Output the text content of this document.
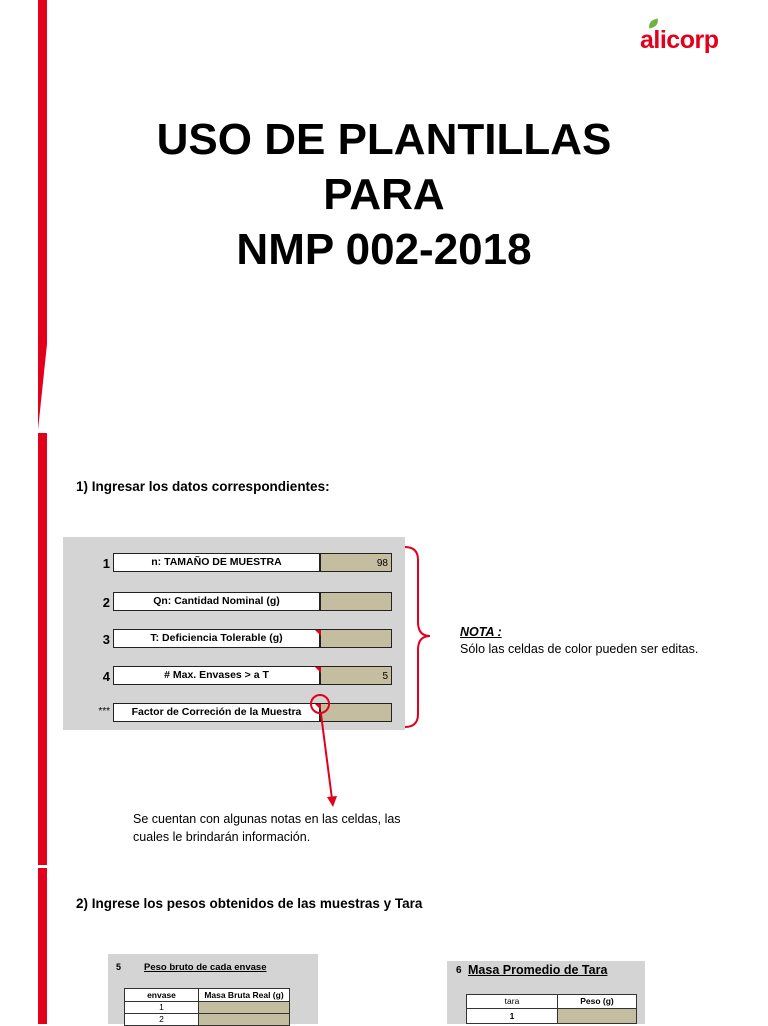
alicorp
USO DE PLANTILLAS
PARA
NMP 002-2018
1) Ingresar los datos correspondientes:
1	n: TAMAÑO DE MUESTRA	98
2	Qn: Cantidad Nominal (g)
3	T: Deficiencia Tolerable (g)
4	# Max. Envases > a T	5
***	Factor de Correción de la Muestra
NOTA :
Sólo las celdas de color pueden ser editas.
Se cuentan con algunas notas en las celdas, las cuales le brindarán información.
2) Ingrese los pesos obtenidos de las muestras y Tara
5 Peso bruto de cada envase
envase	Masa Bruta Real (g)
1
2
6 Masa Promedio de Tara
tara	Peso (g)
1
